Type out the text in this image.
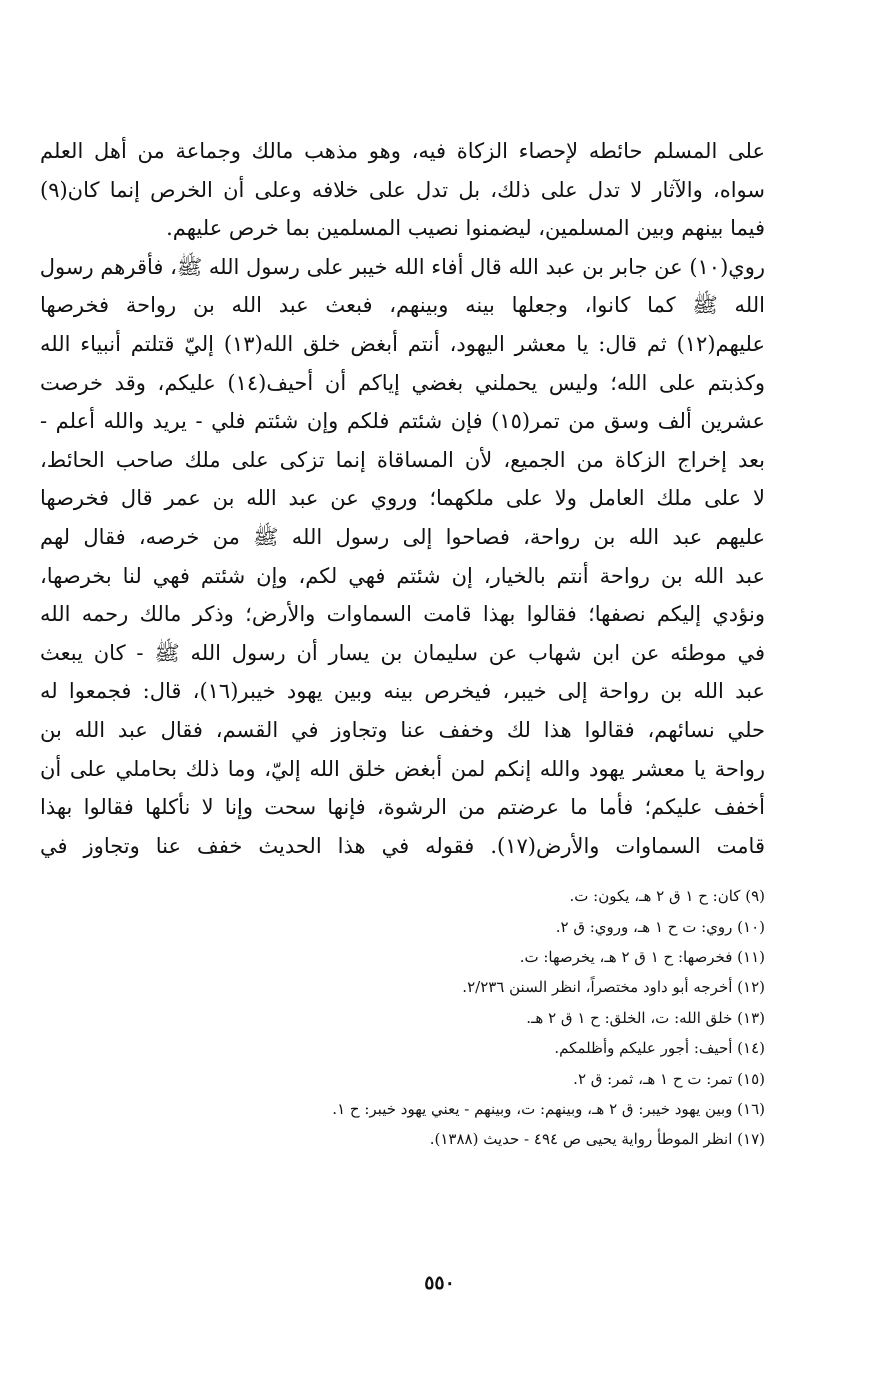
على المسلم حائطه لإحصاء الزكاة فيه، وهو مذهب مالك وجماعة من أهل العلم
سواه، والآثار لا تدل على ذلك، بل تدل على خلافه وعلى أن الخرص إنما كان(٩)
فيما بينهم وبين المسلمين، ليضمنوا نصيب المسلمين بما خرص عليهم.
روي(١٠) عن جابر بن عبد الله قال أفاء الله خيبر على رسول الله ﷺ، فأقرهم رسول
الله ﷺ كما كانوا، وجعلها بينه وبينهم، فبعث عبد الله بن رواحة فخرصها
عليهم(١٢) ثم قال: يا معشر اليهود، أنتم أبغض خلق الله(١٣) إليّ قتلتم أنبياء الله
وكذبتم على الله؛ وليس يحملني بغضي إياكم أن أحيف(١٤) عليكم، وقد خرصت
عشرين ألف وسق من تمر(١٥) فإن شئتم فلكم وإن شئتم فلي - يريد والله أعلم -
بعد إخراج الزكاة من الجميع، لأن المساقاة إنما تزكى على ملك صاحب الحائط،
لا على ملك العامل ولا على ملكهما؛ وروي عن عبد الله بن عمر قال فخرصها
عليهم عبد الله بن رواحة، فصاحوا إلى رسول الله ﷺ من خرصه، فقال لهم
عبد الله بن رواحة أنتم بالخيار، إن شئتم فهي لكم، وإن شئتم فهي لنا بخرصها،
ونؤدي إليكم نصفها؛ فقالوا بهذا قامت السماوات والأرض؛ وذكر مالك رحمه الله
في موطئه عن ابن شهاب عن سليمان بن يسار أن رسول الله ﷺ - كان يبعث
عبد الله بن رواحة إلى خيبر، فيخرص بينه وبين يهود خيبر(١٦)، قال: فجمعوا له
حلي نسائهم، فقالوا هذا لك وخفف عنا وتجاوز في القسم، فقال عبد الله بن
رواحة يا معشر يهود والله إنكم لمن أبغض خلق الله إليّ، وما ذلك بحاملي على أن
أخفف عليكم؛ فأما ما عرضتم من الرشوة، فإنها سحت وإنا لا نأكلها فقالوا بهذا
قامت السماوات والأرض(١٧). فقوله في هذا الحديث خفف عنا وتجاوز في
(٩) كان: ح ١ ق ٢ هـ، يكون: ت.
(١٠) روي: ت ح ١ هـ، وروي: ق ٢.
(١١) فخرصها: ح ١ ق ٢ هـ، يخرصها: ت.
(١٢) أخرجه أبو داود مختصراً، انظر السنن ٢/٢٣٦.
(١٣) خلق الله: ت، الخلق: ح ١ ق ٢ هـ.
(١٤) أحيف: أجور عليكم وأظلمكم.
(١٥) تمر: ت ح ١ هـ، ثمر: ق ٢.
(١٦) وبين يهود خيبر: ق ٢ هـ، وبينهم: ت، وبينهم - يعني يهود خيبر: ح ١.
(١٧) انظر الموطأ رواية يحيى ص ٤٩٤ - حديث (١٣٨٨).
٥٥٠
